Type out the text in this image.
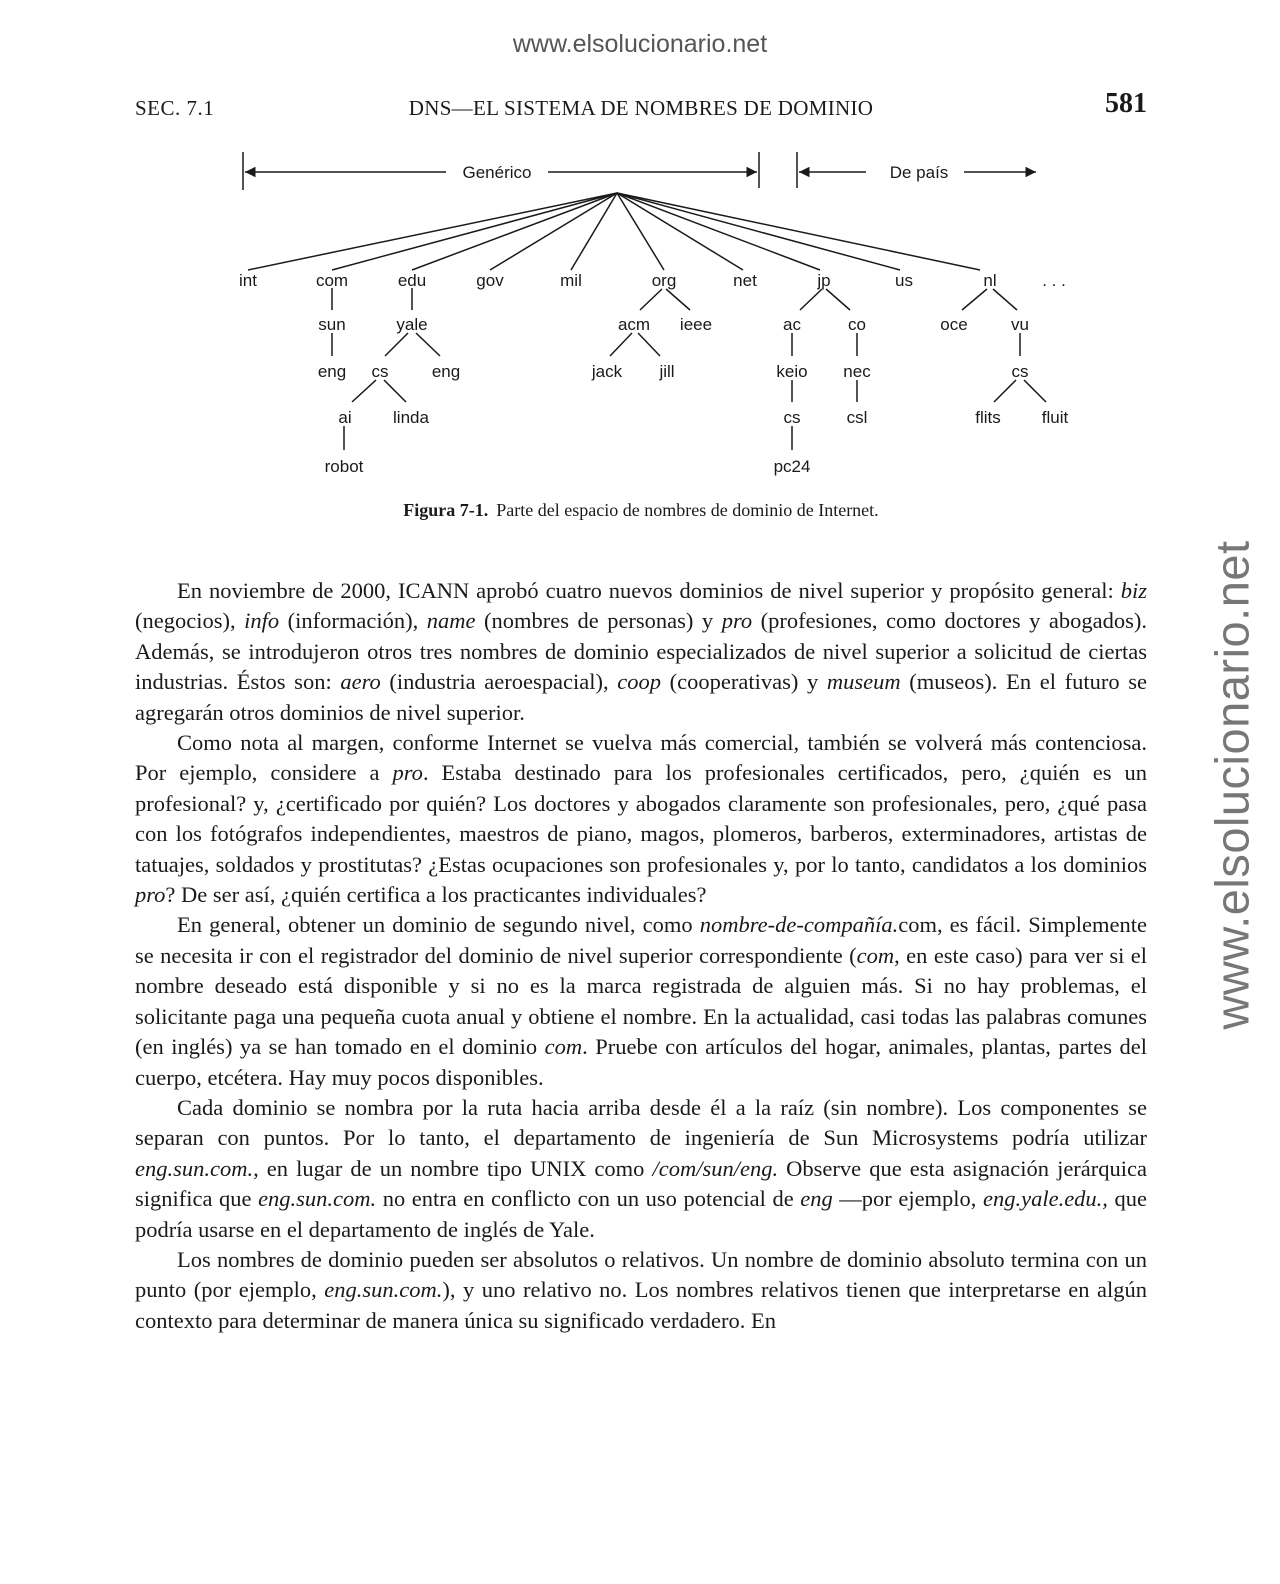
www.elsolucionario.net
www.elsolucionario.net
SEC. 7.1	DNS—EL SISTEMA DE NOMBRES DE DOMINIO	581
Genérico	De país
int	com	edu	gov	mil	org	net	jp	us	nl	. . .
sun	yale	acm ieee	ac	co	oce	vu
eng cs	eng	jack jill	keio nec	cs
ai linda	cs	csl	flits fluit
robot	pc24
Figura 7-1. Parte del espacio de nombres de dominio de Internet.

En noviembre de 2000, ICANN aprobó cuatro nuevos dominios de nivel superior y propósito general: biz (negocios), info (información), name (nombres de personas) y pro (profesiones, como doctores y abogados). Además, se introdujeron otros tres nombres de dominio especializados de nivel superior a solicitud de ciertas industrias. Éstos son: aero (industria aeroespacial), coop (cooperativas) y museum (museos). En el futuro se agregarán otros dominios de nivel superior.

Como nota al margen, conforme Internet se vuelva más comercial, también se volverá más contenciosa. Por ejemplo, considere a pro. Estaba destinado para los profesionales certificados, pero, ¿quién es un profesional? y, ¿certificado por quién? Los doctores y abogados claramente son profesionales, pero, ¿qué pasa con los fotógrafos independientes, maestros de piano, magos, plomeros, barberos, exterminadores, artistas de tatuajes, soldados y prostitutas? ¿Estas ocupaciones son profesionales y, por lo tanto, candidatos a los dominios pro? De ser así, ¿quién certifica a los practicantes individuales?

En general, obtener un dominio de segundo nivel, como nombre-de-compañía.com, es fácil. Simplemente se necesita ir con el registrador del dominio de nivel superior correspondiente (com, en este caso) para ver si el nombre deseado está disponible y si no es la marca registrada de alguien más. Si no hay problemas, el solicitante paga una pequeña cuota anual y obtiene el nombre. En la actualidad, casi todas las palabras comunes (en inglés) ya se han tomado en el dominio com. Pruebe con artículos del hogar, animales, plantas, partes del cuerpo, etcétera. Hay muy pocos disponibles.

Cada dominio se nombra por la ruta hacia arriba desde él a la raíz (sin nombre). Los componentes se separan con puntos. Por lo tanto, el departamento de ingeniería de Sun Microsystems podría utilizar eng.sun.com., en lugar de un nombre tipo UNIX como /com/sun/eng. Observe que esta asignación jerárquica significa que eng.sun.com. no entra en conflicto con un uso potencial de eng —por ejemplo, eng.yale.edu., que podría usarse en el departamento de inglés de Yale.

Los nombres de dominio pueden ser absolutos o relativos. Un nombre de dominio absoluto termina con un punto (por ejemplo, eng.sun.com.), y uno relativo no. Los nombres relativos tienen que interpretarse en algún contexto para determinar de manera única su significado verdadero. En
